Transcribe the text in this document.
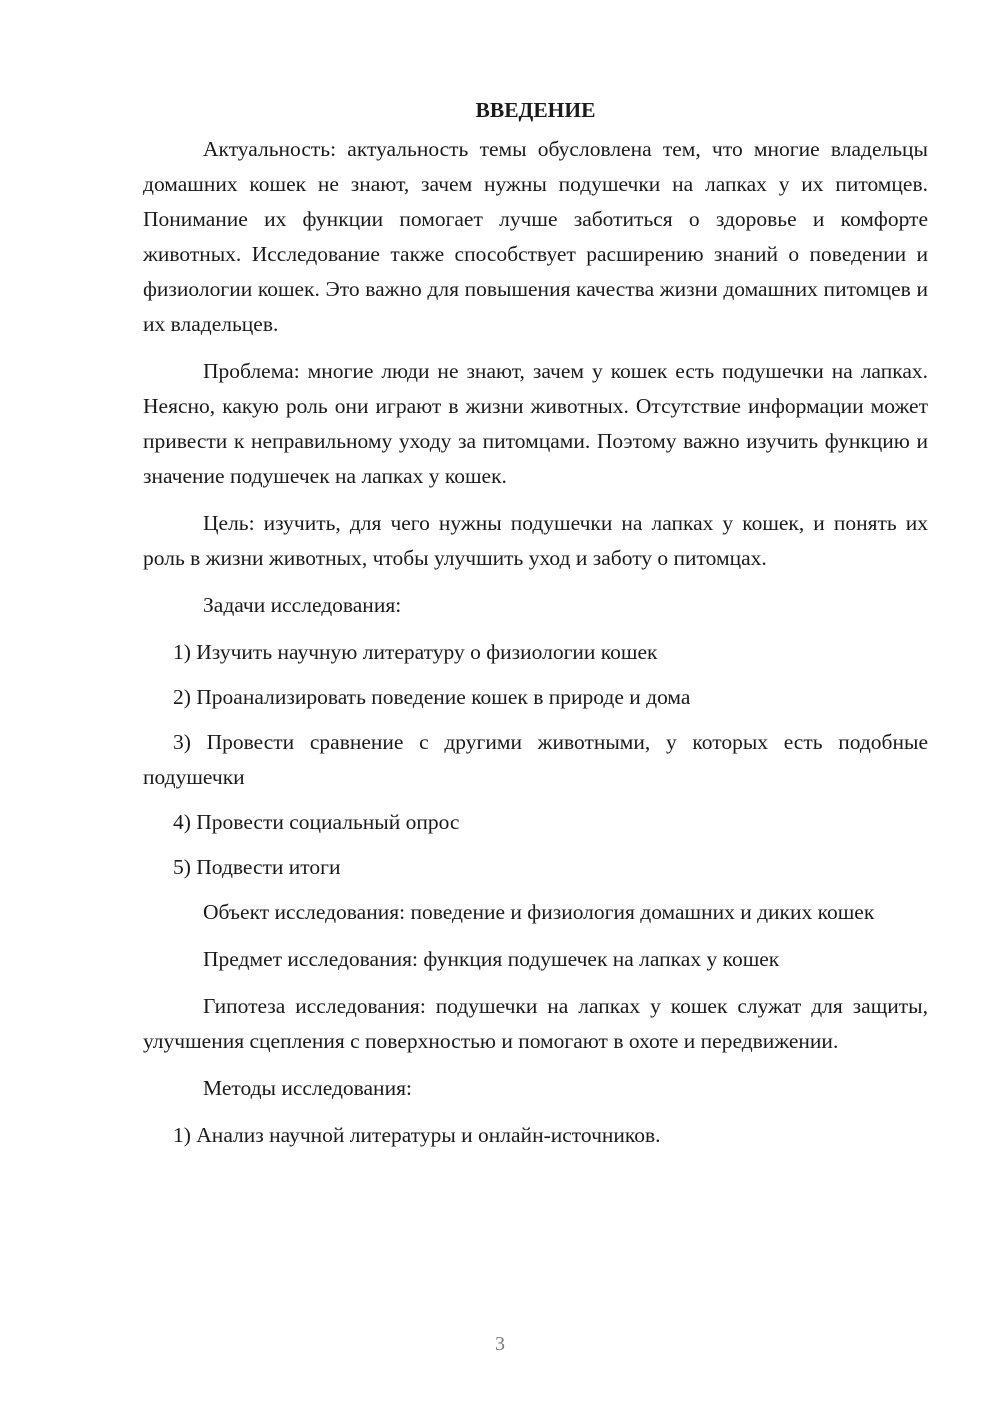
ВВЕДЕНИЕ

Актуальность: актуальность темы обусловлена тем, что многие владельцы домашних кошек не знают, зачем нужны подушечки на лапках у их питомцев. Понимание их функции помогает лучше заботиться о здоровье и комфорте животных. Исследование также способствует расширению знаний о поведении и физиологии кошек. Это важно для повышения качества жизни домашних питомцев и их владельцев.

Проблема: многие люди не знают, зачем у кошек есть подушечки на лапках. Неясно, какую роль они играют в жизни животных. Отсутствие информации может привести к неправильному уходу за питомцами. Поэтому важно изучить функцию и значение подушечек на лапках у кошек.

Цель: изучить, для чего нужны подушечки на лапках у кошек, и понять их роль в жизни животных, чтобы улучшить уход и заботу о питомцах.

Задачи исследования:

1) Изучить научную литературу о физиологии кошек
2) Проанализировать поведение кошек в природе и дома
3) Провести сравнение с другими животными, у которых есть подобные подушечки
4) Провести социальный опрос
5) Подвести итоги

Объект исследования: поведение и физиология домашних и диких кошек

Предмет исследования: функция подушечек на лапках у кошек

Гипотеза исследования: подушечки на лапках у кошек служат для защиты, улучшения сцепления с поверхностью и помогают в охоте и передвижении.

Методы исследования:

1) Анализ научной литературы и онлайн-источников.
3
